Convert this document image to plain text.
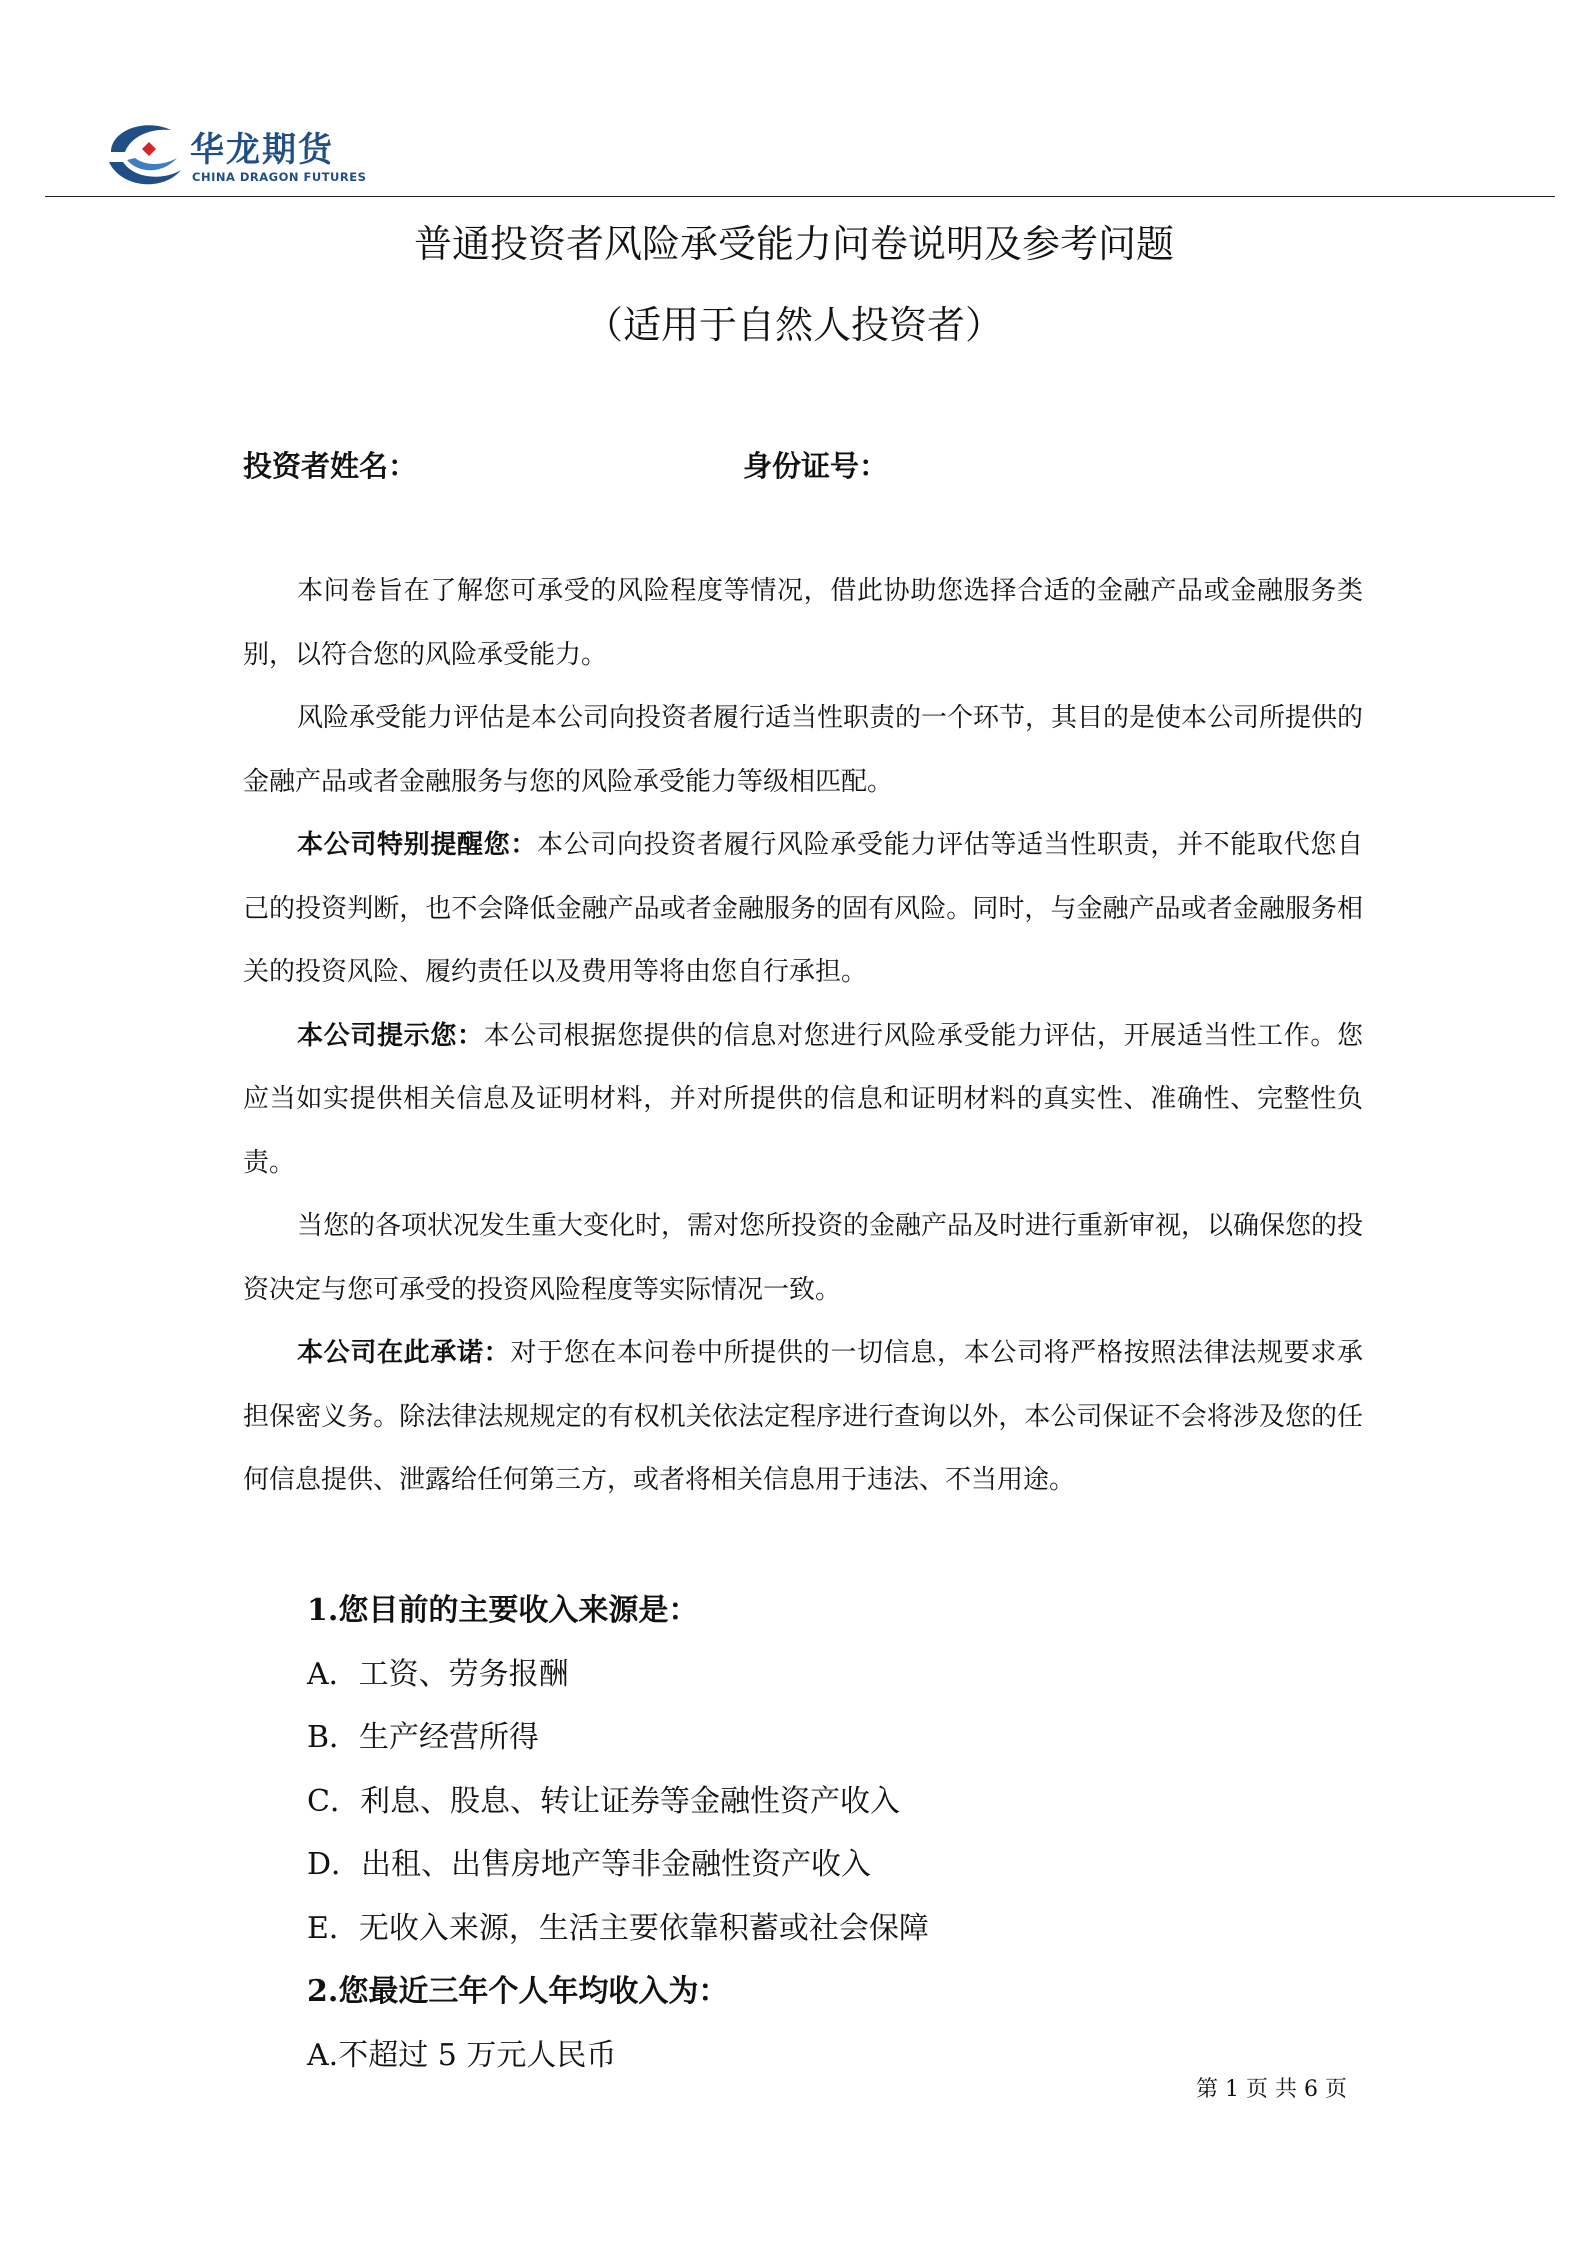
华龙期货
CHINA DRAGON FUTURES
普通投资者风险承受能力问卷说明及参考问题
（适用于自然人投资者）
投资者姓名：	身份证号：

本问卷旨在了解您可承受的风险程度等情况，借此协助您选择合适的金融产品或金融服务类别，以符合您的风险承受能力。

风险承受能力评估是本公司向投资者履行适当性职责的一个环节，其目的是使本公司所提供的金融产品或者金融服务与您的风险承受能力等级相匹配。

本公司特别提醒您：本公司向投资者履行风险承受能力评估等适当性职责，并不能取代您自己的投资判断，也不会降低金融产品或者金融服务的固有风险。同时，与金融产品或者金融服务相关的投资风险、履约责任以及费用等将由您自行承担。

本公司提示您：本公司根据您提供的信息对您进行风险承受能力评估，开展适当性工作。您应当如实提供相关信息及证明材料，并对所提供的信息和证明材料的真实性、准确性、完整性负责。

当您的各项状况发生重大变化时，需对您所投资的金融产品及时进行重新审视，以确保您的投资决定与您可承受的投资风险程度等实际情况一致。

本公司在此承诺：对于您在本问卷中所提供的一切信息，本公司将严格按照法律法规要求承担保密义务。除法律法规规定的有权机关依法定程序进行查询以外，本公司保证不会将涉及您的任何信息提供、泄露给任何第三方，或者将相关信息用于违法、不当用途。

1.您目前的主要收入来源是：
A．工资、劳务报酬
B．生产经营所得
C．利息、股息、转让证券等金融性资产收入
D．出租、出售房地产等非金融性资产收入
E．无收入来源，生活主要依靠积蓄或社会保障
2.您最近三年个人年均收入为：
A.不超过 5 万元人民币
第 1 页 共 6 页
